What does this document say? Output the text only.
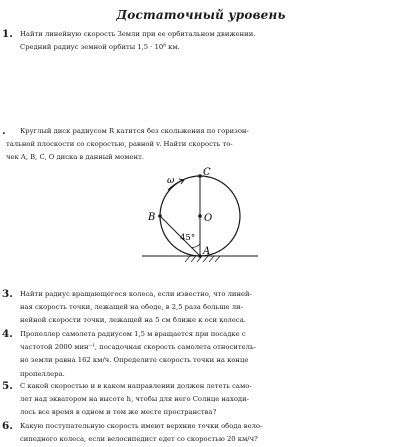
Достаточный уровень
1.	Найти линейную скорость Земли при ее орбитальном движении.
Средний радиус земной орбиты 1,5 · 10⁸ км.
.	Круглый диск радиусом R катится без скольжения по горизон-
тальной плоскости со скоростью, равной v. Найти скорость то-
чек A, B, C, O диска в данный момент.
C
O
B
A
ω
45°
3.	Найти радиус вращающегося колеса, если известно, что линей-
ная скорость точки, лежащей на ободе, в 2,5 раза больше ли-
нейной скорости точки, лежащей на 5 см ближе к оси колеса.
4.	Пропеллер самолета радиусом 1,5 м вращается при посадке с
частотой 2000 мин⁻¹, посадочная скорость самолета относитель-
но земли равна 162 км/ч. Определите скорость точки на конце
пропеллера.
5.	С какой скоростью и в каком направлении должен лететь само-
лет над экватором на высоте h, чтобы для него Солнце находи-
лось все время в одном и том же месте пространства?
6.	Какую поступательную скорость имеют верхние точки обода вело-
сипедного колеса, если велосипедист едет со скоростью 20 км/ч?
